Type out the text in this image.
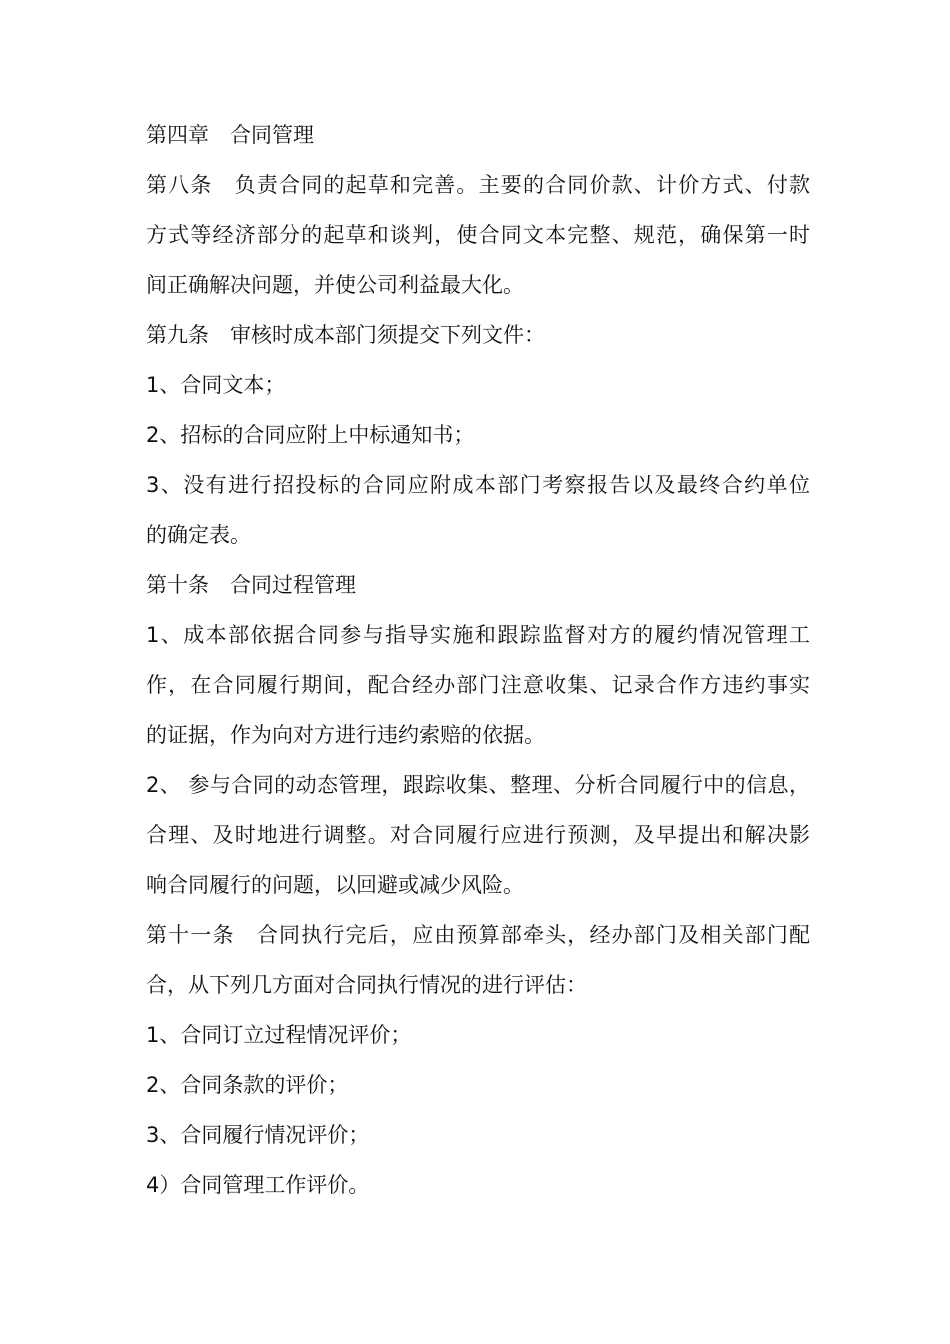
第四章 合同管理
第八条 负责合同的起草和完善。主要的合同价款、计价方式、付款
方式等经济部分的起草和谈判，使合同文本完整、规范，确保第一时
间正确解决问题，并使公司利益最大化。
第九条 审核时成本部门须提交下列文件：
1、合同文本；
2、招标的合同应附上中标通知书；
3、没有进行招投标的合同应附成本部门考察报告以及最终合约单位
的确定表。
第十条 合同过程管理
1、成本部依据合同参与指导实施和跟踪监督对方的履约情况管理工
作，在合同履行期间，配合经办部门注意收集、记录合作方违约事实
的证据，作为向对方进行违约索赔的依据。
2、 参与合同的动态管理，跟踪收集、整理、分析合同履行中的信息，
合理、及时地进行调整。对合同履行应进行预测，及早提出和解决影
响合同履行的问题，以回避或减少风险。
第十一条 合同执行完后，应由预算部牵头，经办部门及相关部门配
合，从下列几方面对合同执行情况的进行评估：
1、合同订立过程情况评价；
2、合同条款的评价；
3、合同履行情况评价；
4）合同管理工作评价。
